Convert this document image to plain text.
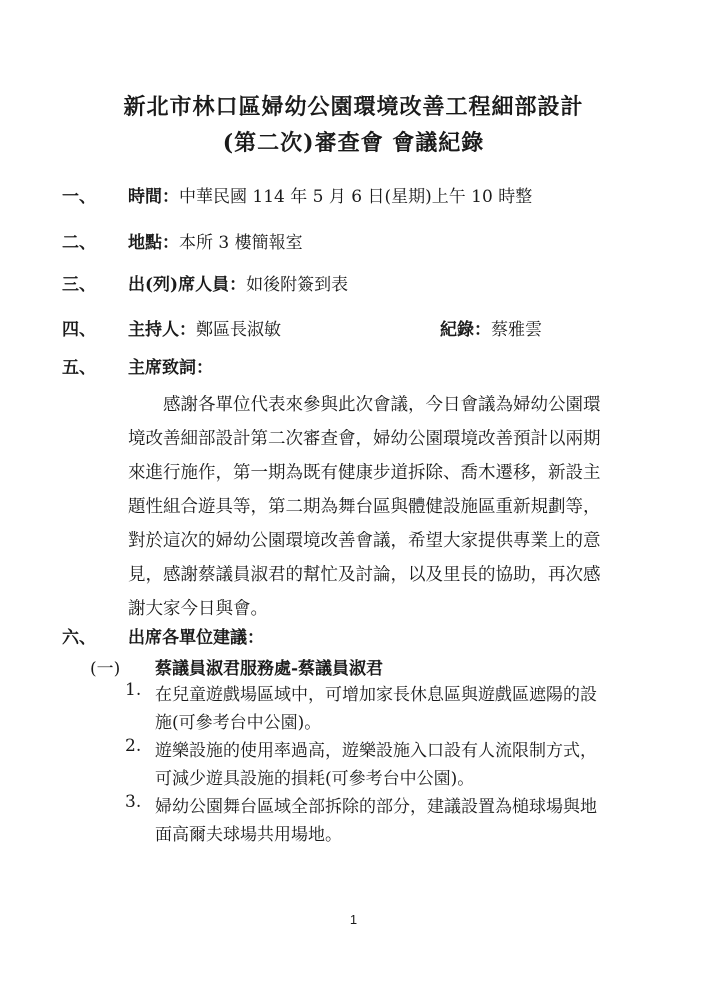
新北市林口區婦幼公園環境改善工程細部設計
(第二次)審查會 會議紀錄
一、 時間：中華民國 114 年 5 月 6 日(星期)上午 10 時整
二、 地點：本所 3 樓簡報室
三、 出(列)席人員：如後附簽到表
四、 主持人：鄭區長淑敏	紀錄：蔡雅雲
五、 主席致詞：
感謝各單位代表來參與此次會議，今日會議為婦幼公園環
境改善細部設計第二次審查會，婦幼公園環境改善預計以兩期
來進行施作，第一期為既有健康步道拆除、喬木遷移，新設主
題性組合遊具等，第二期為舞台區與體健設施區重新規劃等，
對於這次的婦幼公園環境改善會議，希望大家提供專業上的意
見，感謝蔡議員淑君的幫忙及討論，以及里長的協助，再次感
謝大家今日與會。
六、 出席各單位建議：
(一) 蔡議員淑君服務處-蔡議員淑君
1. 在兒童遊戲場區域中，可增加家長休息區與遊戲區遮陽的設
施(可參考台中公園)。
2. 遊樂設施的使用率過高，遊樂設施入口設有人流限制方式，
可減少遊具設施的損耗(可參考台中公園)。
3. 婦幼公園舞台區域全部拆除的部分，建議設置為槌球場與地
面高爾夫球場共用場地。
1
